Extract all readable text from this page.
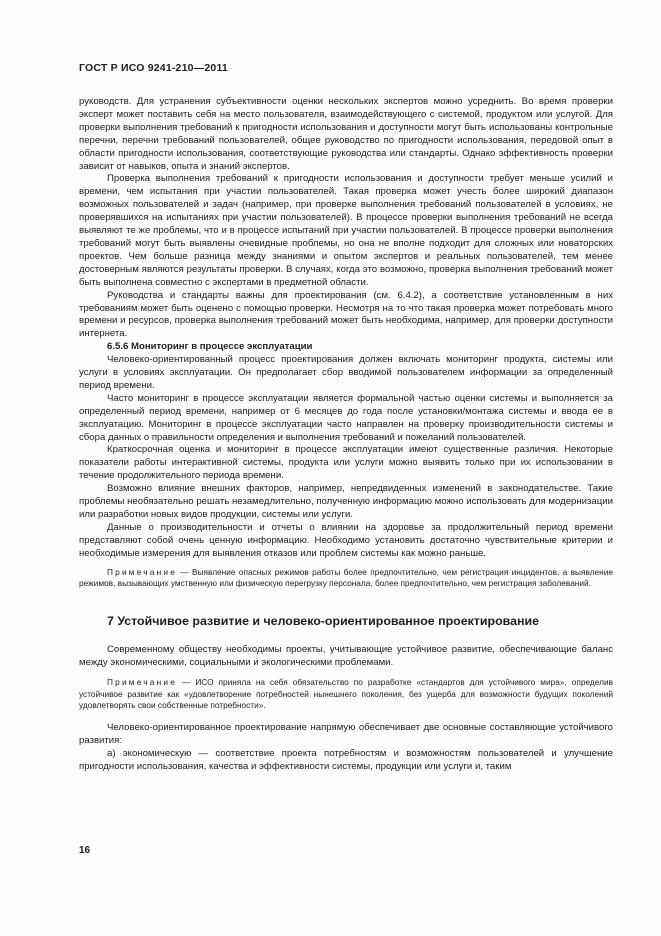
ГОСТ Р ИСО 9241-210—2011

руководств. Для устранения субъективности оценки нескольких экспертов можно усреднить. Во время проверки эксперт может поставить себя на место пользователя, взаимодействующего с системой, продуктом или услугой. Для проверки выполнения требований к пригодности использования и доступности могут быть использованы контрольные перечни, перечни требований пользователей, общее руководство по пригодности использования, передовой опыт в области пригодности использования, соответствующие руководства или стандарты. Однако эффективность проверки зависит от навыков, опыта и знаний экспертов.

Проверка выполнения требований к пригодности использования и доступности требует меньше усилий и времени, чем испытания при участии пользователей. Такая проверка может учесть более широкий диапазон возможных пользователей и задач (например, при проверке выполнения требований пользователей в условиях, не проверявшихся на испытаниях при участии пользователей). В процессе проверки выполнения требований не всегда выявляют те же проблемы, что и в процессе испытаний при участии пользователей. В процессе проверки выполнения требований могут быть выявлены очевидные проблемы, но она не вполне подходит для сложных или новаторских проектов. Чем больше разница между знаниями и опытом экспертов и реальных пользователей, тем менее достоверным являются результаты проверки. В случаях, когда это возможно, проверка выполнения требований может быть выполнена совместно с экспертами в предметной области.

Руководства и стандарты важны для проектирования (см. 6.4.2), а соответствие установленным в них требованиям может быть оценено с помощью проверки. Несмотря на то что такая проверка может потребовать много времени и ресурсов, проверка выполнения требований может быть необходима, например, для проверки доступности интернета.

6.5.6 Мониторинг в процессе эксплуатации

Человеко-ориентированный процесс проектирования должен включать мониторинг продукта, системы или услуги в условиях эксплуатации. Он предполагает сбор вводимой пользователем информации за определенный период времени.

Часто мониторинг в процессе эксплуатации является формальной частью оценки системы и выполняется за определенный период времени, например от 6 месяцев до года после установки/монтажа системы и ввода ее в эксплуатацию. Мониторинг в процессе эксплуатации часто направлен на проверку производительности системы и сбора данных о правильности определения и выполнения требований и пожеланий пользователей.

Краткосрочная оценка и мониторинг в процессе эксплуатации имеют существенные различия. Некоторые показатели работы интерактивной системы, продукта или услуги можно выявить только при их использовании в течение продолжительного периода времени.

Возможно влияние внешних факторов, например, непредвиденных изменений в законодательстве. Такие проблемы необязательно решать незамедлительно, полученную информацию можно использовать для модернизации или разработки новых видов продукции, системы или услуги.

Данные о производительности и отчеты о влиянии на здоровье за продолжительный период времени представляют собой очень ценную информацию. Необходимо установить достаточно чувствительные критерии и необходимые измерения для выявления отказов или проблем системы как можно раньше.

Примечание — Выявление опасных режимов работы более предпочтительно, чем регистрация инцидентов, а выявление режимов, вызывающих умственную или физическую перегрузку персонала, более предпочтительно, чем регистрация заболеваний.

7 Устойчивое развитие и человеко-ориентированное проектирование

Современному обществу необходимы проекты, учитывающие устойчивое развитие, обеспечивающие баланс между экономическими, социальными и экологическими проблемами.

Примечание — ИСО приняла на себя обязательство по разработке «стандартов для устойчивого мира», определив устойчивое развитие как «удовлетворение потребностей нынешнего поколения, без ущерба для возможности будущих поколений удовлетворять свои собственные потребности».

Человеко-ориентированное проектирование напрямую обеспечивает две основные составляющие устойчивого развития:

а) экономическую — соответствие проекта потребностям и возможностям пользователей и улучшение пригодности использования, качества и эффективности системы, продукции или услуги и, таким

16
